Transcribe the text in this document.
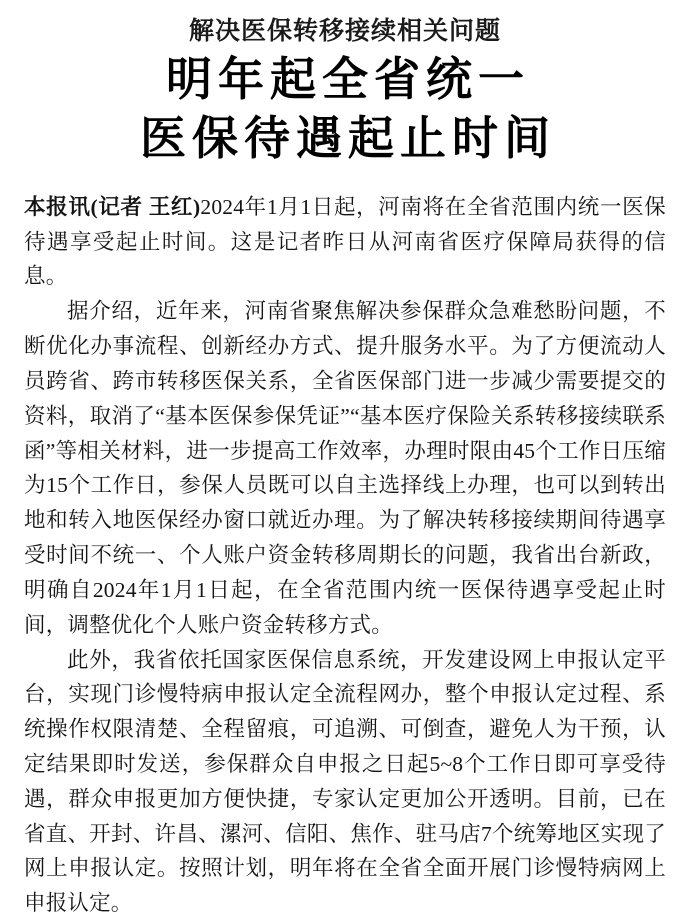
解决医保转移接续相关问题
明年起全省统一
医保待遇起止时间

本报讯(记者 王红)2024年1月1日起，河南将在全省范围内统一医保待遇享受起止时间。这是记者昨日从河南省医疗保障局获得的信息。

据介绍，近年来，河南省聚焦解决参保群众急难愁盼问题，不断优化办事流程、创新经办方式、提升服务水平。为了方便流动人员跨省、跨市转移医保关系，全省医保部门进一步减少需要提交的资料，取消了“基本医保参保凭证”“基本医疗保险关系转移接续联系函”等相关材料，进一步提高工作效率，办理时限由45个工作日压缩为15个工作日，参保人员既可以自主选择线上办理，也可以到转出地和转入地医保经办窗口就近办理。为了解决转移接续期间待遇享受时间不统一、个人账户资金转移周期长的问题，我省出台新政，明确自2024年1月1日起，在全省范围内统一医保待遇享受起止时间，调整优化个人账户资金转移方式。

此外，我省依托国家医保信息系统，开发建设网上申报认定平台，实现门诊慢特病申报认定全流程网办，整个申报认定过程、系统操作权限清楚、全程留痕，可追溯、可倒查，避免人为干预，认定结果即时发送，参保群众自申报之日起5~8个工作日即可享受待遇，群众申报更加方便快捷，专家认定更加公开透明。目前，已在省直、开封、许昌、漯河、信阳、焦作、驻马店7个统筹地区实现了网上申报认定。按照计划，明年将在全省全面开展门诊慢特病网上申报认定。
